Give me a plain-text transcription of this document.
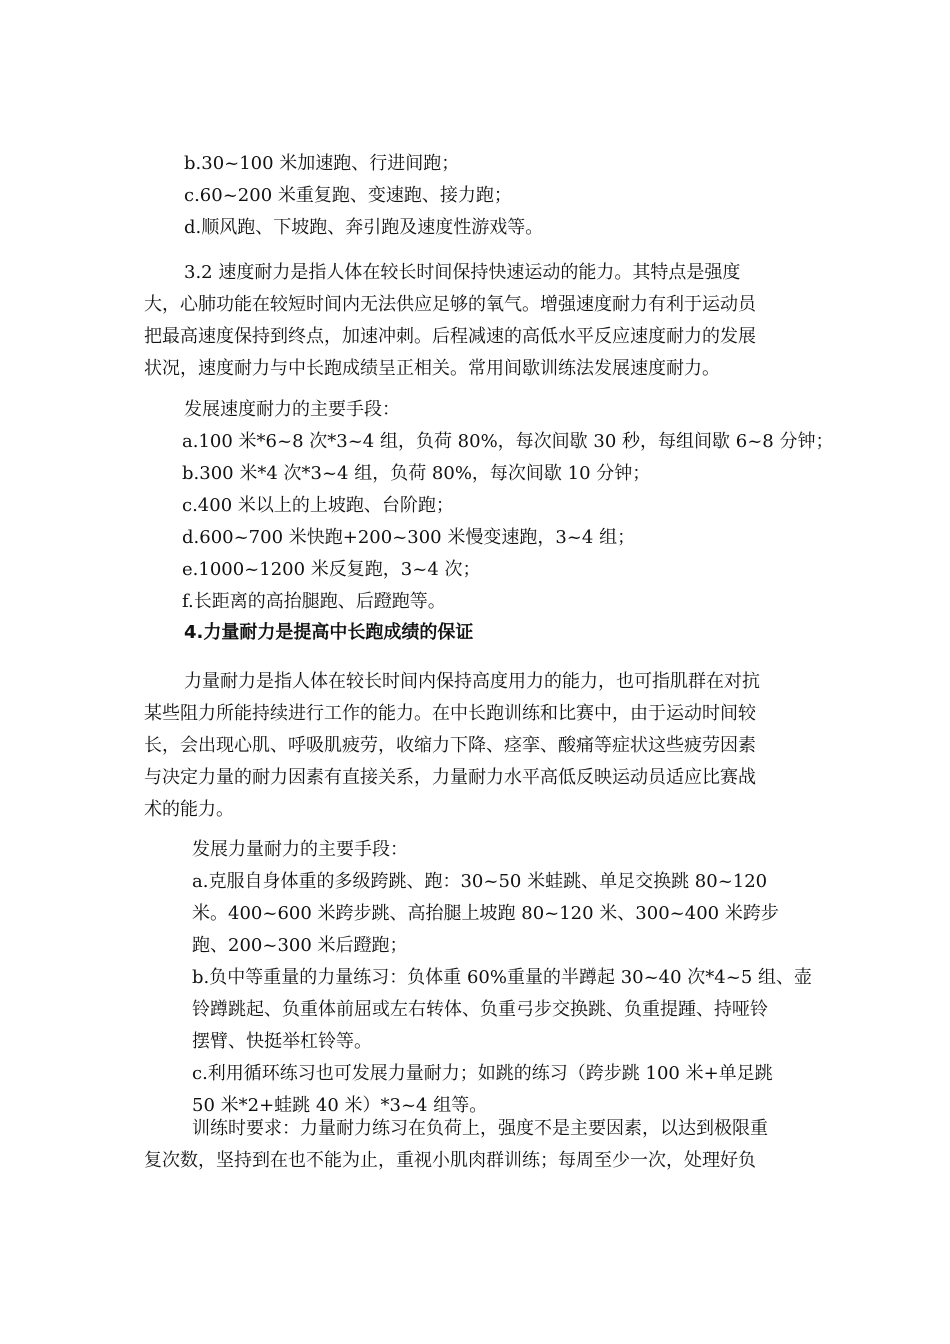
b.30~100 米加速跑、行进间跑；
c.60~200 米重复跑、变速跑、接力跑；
d.顺风跑、下坡跑、奔引跑及速度性游戏等。
3.2 速度耐力是指人体在较长时间保持快速运动的能力。其特点是强度
大，心肺功能在较短时间内无法供应足够的氧气。增强速度耐力有利于运动员
把最高速度保持到终点，加速冲刺。后程减速的高低水平反应速度耐力的发展
状况，速度耐力与中长跑成绩呈正相关。常用间歇训练法发展速度耐力。
发展速度耐力的主要手段：
a.100 米*6~8 次*3~4 组，负荷 80%，每次间歇 30 秒，每组间歇 6~8 分钟；
b.300 米*4 次*3~4 组，负荷 80%，每次间歇 10 分钟；
c.400 米以上的上坡跑、台阶跑；
d.600~700 米快跑+200~300 米慢变速跑，3~4 组；
e.1000~1200 米反复跑，3~4 次；
f.长距离的高抬腿跑、后蹬跑等。
4.力量耐力是提高中长跑成绩的保证
力量耐力是指人体在较长时间内保持高度用力的能力，也可指肌群在对抗
某些阻力所能持续进行工作的能力。在中长跑训练和比赛中，由于运动时间较
长，会出现心肌、呼吸肌疲劳，收缩力下降、痉挛、酸痛等症状这些疲劳因素
与决定力量的耐力因素有直接关系，力量耐力水平高低反映运动员适应比赛战
术的能力。
发展力量耐力的主要手段：
a.克服自身体重的多级跨跳、跑：30~50 米蛙跳、单足交换跳 80~120
米。400~600 米跨步跳、高抬腿上坡跑 80~120 米、300~400 米跨步
跑、200~300 米后蹬跑；
b.负中等重量的力量练习：负体重 60%重量的半蹲起 30~40 次*4~5 组、壶
铃蹲跳起、负重体前屈或左右转体、负重弓步交换跳、负重提踵、持哑铃
摆臂、快挺举杠铃等。
c.利用循环练习也可发展力量耐力；如跳的练习（跨步跳 100 米+单足跳
50 米*2+蛙跳 40 米）*3~4 组等。
训练时要求：力量耐力练习在负荷上，强度不是主要因素，以达到极限重
复次数，坚持到在也不能为止，重视小肌肉群训练；每周至少一次，处理好负
